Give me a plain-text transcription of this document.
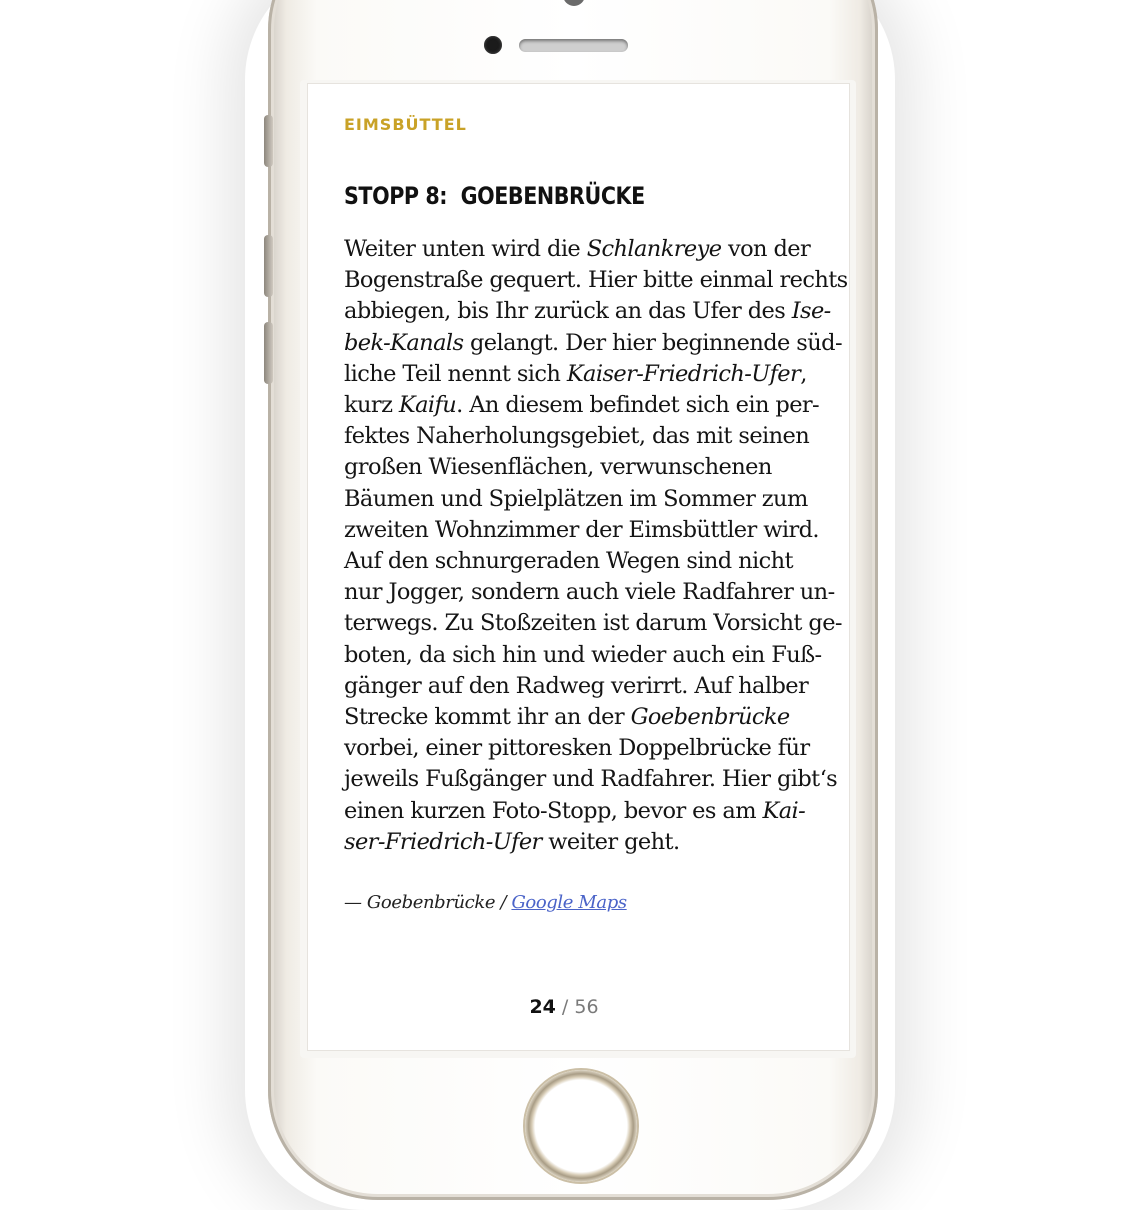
EIMSBÜTTEL
STOPP 8:  GOEBENBRÜCKE
Weiter unten wird die Schlankreye von der
Bogenstraße gequert. Hier bitte einmal rechts
abbiegen, bis Ihr zurück an das Ufer des Ise-
bek-Kanals gelangt. Der hier beginnende süd-
liche Teil nennt sich Kaiser-Friedrich-Ufer,
kurz Kaifu. An diesem befindet sich ein per-
fektes Naherholungsgebiet, das mit seinen
großen Wiesenflächen, verwunschenen
Bäumen und Spielplätzen im Sommer zum
zweiten Wohnzimmer der Eimsbüttler wird.
Auf den schnurgeraden Wegen sind nicht
nur Jogger, sondern auch viele Radfahrer un-
terwegs. Zu Stoßzeiten ist darum Vorsicht ge-
boten, da sich hin und wieder auch ein Fuß-
gänger auf den Radweg verirrt. Auf halber
Strecke kommt ihr an der Goebenbrücke
vorbei, einer pittoresken Doppelbrücke für
jeweils Fußgänger und Radfahrer. Hier gibt‘s
einen kurzen Foto-Stopp, bevor es am Kai-
ser-Friedrich-Ufer weiter geht.
— Goebenbrücke / Google Maps
24 / 56
